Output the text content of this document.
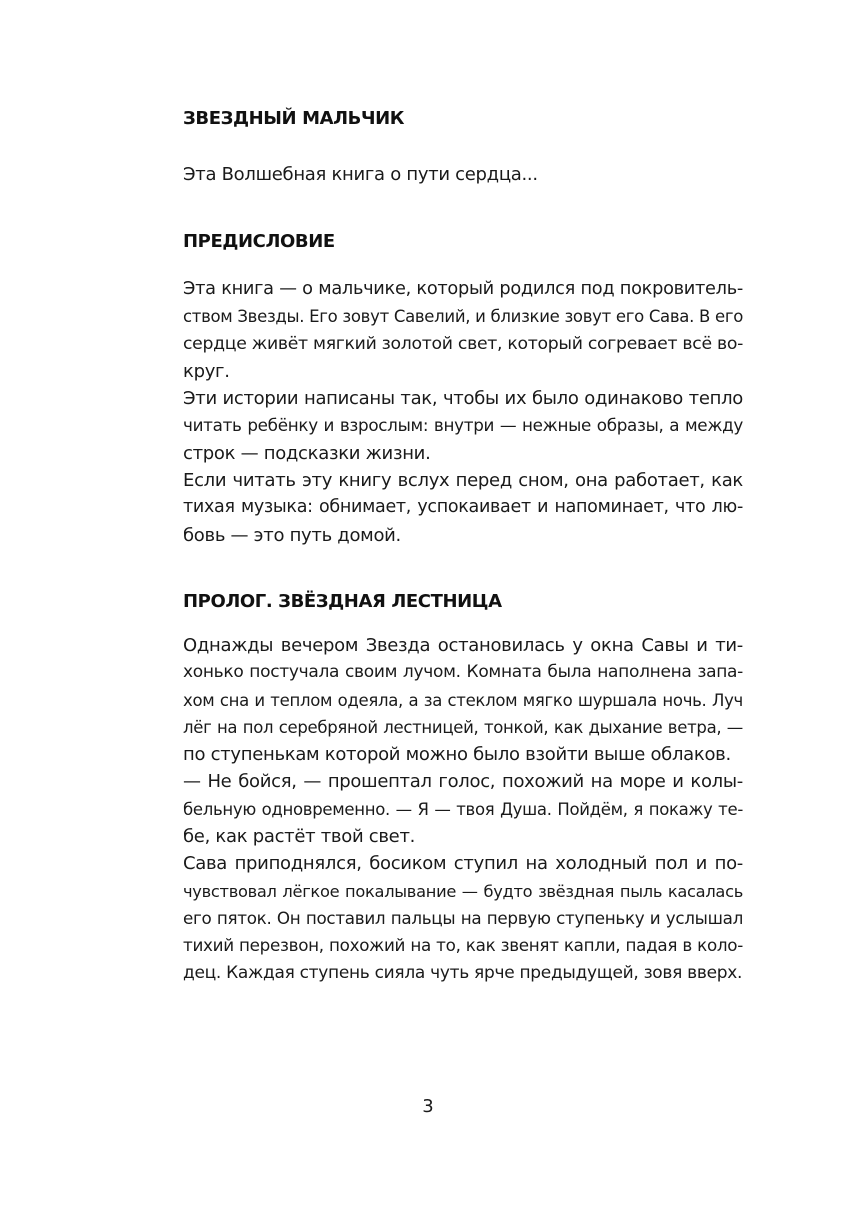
ЗВЕЗДНЫЙ МАЛЬЧИК

Эта Волшебная книга о пути сердца...

ПРЕДИСЛОВИЕ
Эта книга — о мальчике, который родился под покровитель-
ством Звезды. Его зовут Савелий, и близкие зовут его Сава. В его
сердце живёт мягкий золотой свет, который согревает всё во-
круг.
Эти истории написаны так, чтобы их было одинаково тепло
читать ребёнку и взрослым: внутри — нежные образы, а между
строк — подсказки жизни.
Если читать эту книгу вслух перед сном, она работает, как
тихая музыка: обнимает, успокаивает и напоминает, что лю-
бовь — это путь домой.
ПРОЛОГ. ЗВЁЗДНАЯ ЛЕСТНИЦА
Однажды вечером Звезда остановилась у окна Савы и ти-
хонько постучала своим лучом. Комната была наполнена запа-
хом сна и теплом одеяла, а за стеклом мягко шуршала ночь. Луч
лёг на пол серебряной лестницей, тонкой, как дыхание ветра, —
по ступенькам которой можно было взойти выше облаков.
— Не бойся, — прошептал голос, похожий на море и колы-
бельную одновременно. — Я — твоя Душа. Пойдём, я покажу те-
бе, как растёт твой свет.
Сава приподнялся, босиком ступил на холодный пол и по-
чувствовал лёгкое покалывание — будто звёздная пыль касалась
его пяток. Он поставил пальцы на первую ступеньку и услышал
тихий перезвон, похожий на то, как звенят капли, падая в коло-
дец. Каждая ступень сияла чуть ярче предыдущей, зовя вверх.
3
